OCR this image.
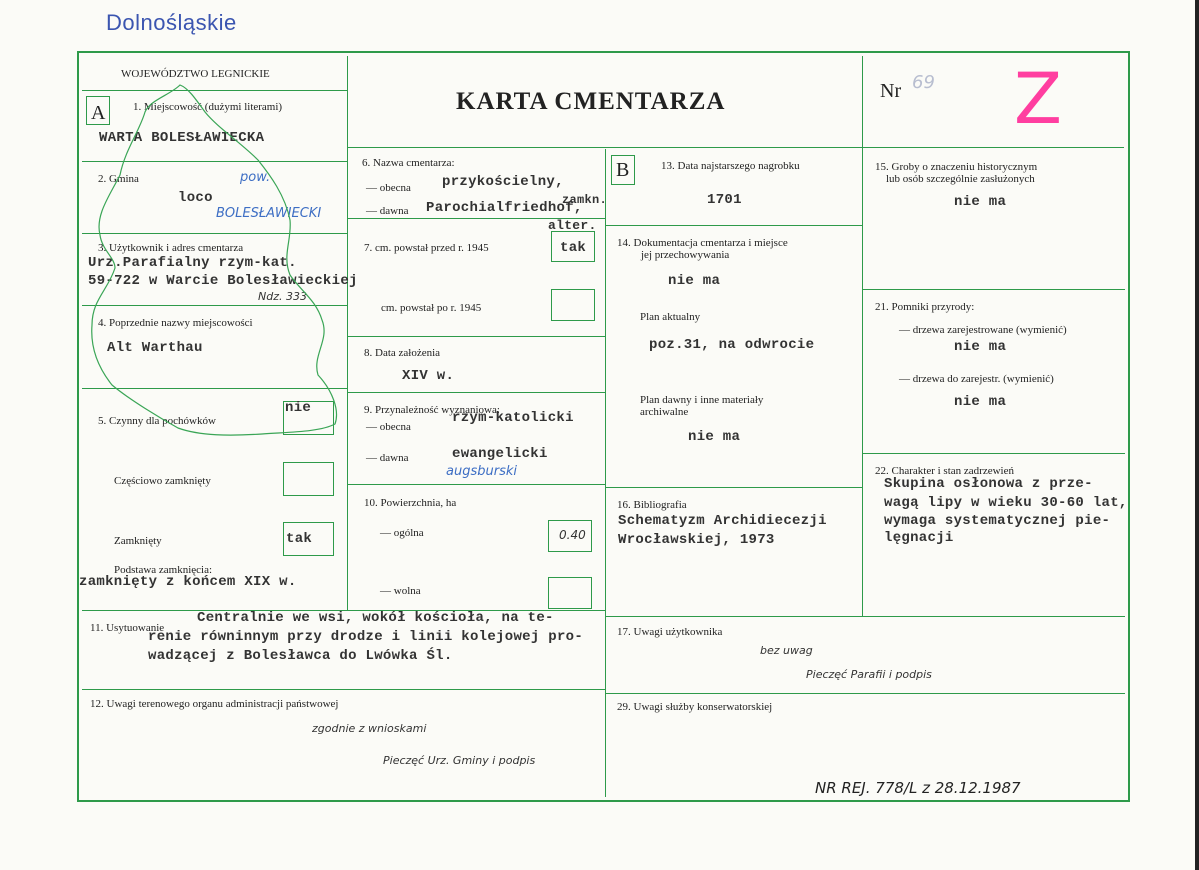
Dolnośląskie
WOJEWÓDZTWO LEGNICKIE
KARTA CMENTARZA	Nr 69 Z
A	1. Miejscowość (dużymi literami)
WARTA BOLESŁAWIECKA
2. Gmina
loco
pow.
BOLESŁAWIECKI
3. Użytkownik i adres cmentarza
Urz.Parafialny rzym-kat.
59-722 w Warcie Bolesławieckiej
Ndz. 333
4. Poprzednie nazwy miejscowości
Alt Warthau
5. Czynny dla pochówków
nie
Częściowo zamknięty
Zamknięty	tak
Podstawa zamknięcia:
zamknięty z końcem XIX w.
6. Nazwa cmentarza:
— obecna przykościelny,
zamkn.
— dawna Parochialfriedhof,
alter.
7. cm. powstał przed r. 1945	tak
cm. powstał po r. 1945
8. Data założenia
XIV w.
9. Przynależność wyznaniowa:
— obecna
rzym-katolicki
— dawna	ewangelicki
augsburski
10. Powierzchnia, ha
— ogólna	0.40
— wolna
B	13. Data najstarszego nagrobku
1701
14. Dokumentacja cmentarza i miejsce
jej przechowywania
nie ma
Plan aktualny
poz.31, na odwrocie
Plan dawny i inne materiały
archiwalne
nie ma
16. Bibliografia
Schematyzm Archidiecezji
Wrocławskiej, 1973
15. Groby o znaczeniu historycznym
lub osób szczególnie zasłużonych
nie ma
21. Pomniki przyrody:
— drzewa zarejestrowane (wymienić)
nie ma
— drzewa do zarejestr. (wymienić)
nie ma
22. Charakter i stan zadrzewień
Skupina osłonowa z prze-
wagą lipy w wieku 30-60 lat,
wymaga systematycznej pie-
lęgnacji
11. Usytuowanie
Centralnie we wsi, wokół kościoła, na te-
renie równinnym przy drodze i linii kolejowej pro-
wadzącej z Bolesławca do Lwówka Śl.
17. Uwagi użytkownika
bez uwag
Pieczęć Parafii i podpis
12. Uwagi terenowego organu administracji państwowej
zgodnie z wnioskami
Pieczęć Urz. Gminy i podpis
29. Uwagi służby konserwatorskiej
NR REJ. 778/L z 28.12.1987
